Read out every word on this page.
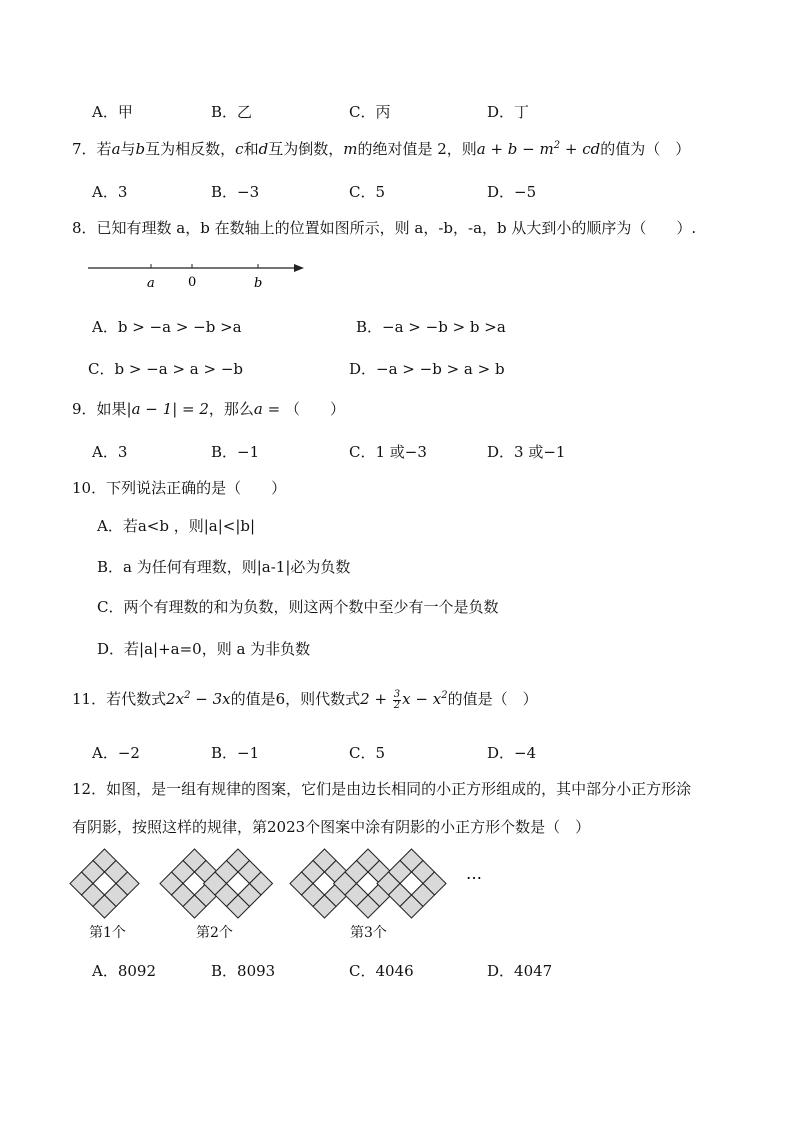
A．甲	B．乙	C．丙	D．丁
7．若a与b互为相反数，c和d互为倒数，m的绝对值是 2，则$a + b - m^2$ + cd的值为（　）
A．3	B．−3	C．5	D．−5
8．已知有理数 a，b 在数轴上的位置如图所示，则 a，-b，-a，b 从大到小的顺序为（　　）.
a	0	b
A．b > −a > −b >a	B．−a > −b > b >a
C．b > −a > a > −b	D．−a > −b > a > b
9．如果|a − 1| = 2，那么a = （　　）
A．3	B．−1	C．1 或−3	D．3 或−1
10．下列说法正确的是（　　）
A．若a<b ，则|a|<|b|
B．a 为任何有理数，则|a-1|必为负数
C．两个有理数的和为负数，则这两个数中至少有一个是负数
D．若|a|+a=0，则 a 为非负数
11．若代数式$2x^2 - 3x$的值是6，则代数式$2 + \frac{3}{2}$ $x - x^2$的值是（　）
A．−2	B．−1	C．5	D．−4
12．如图，是一组有规律的图案，它们是由边长相同的小正方形组成的，其中部分小正方形涂
有阴影，按照这样的规律，第2023个图案中涂有阴影的小正方形个数是（　）
…
第1个	第2个	第3个
A．8092	B．8093	C．4046	D．4047
